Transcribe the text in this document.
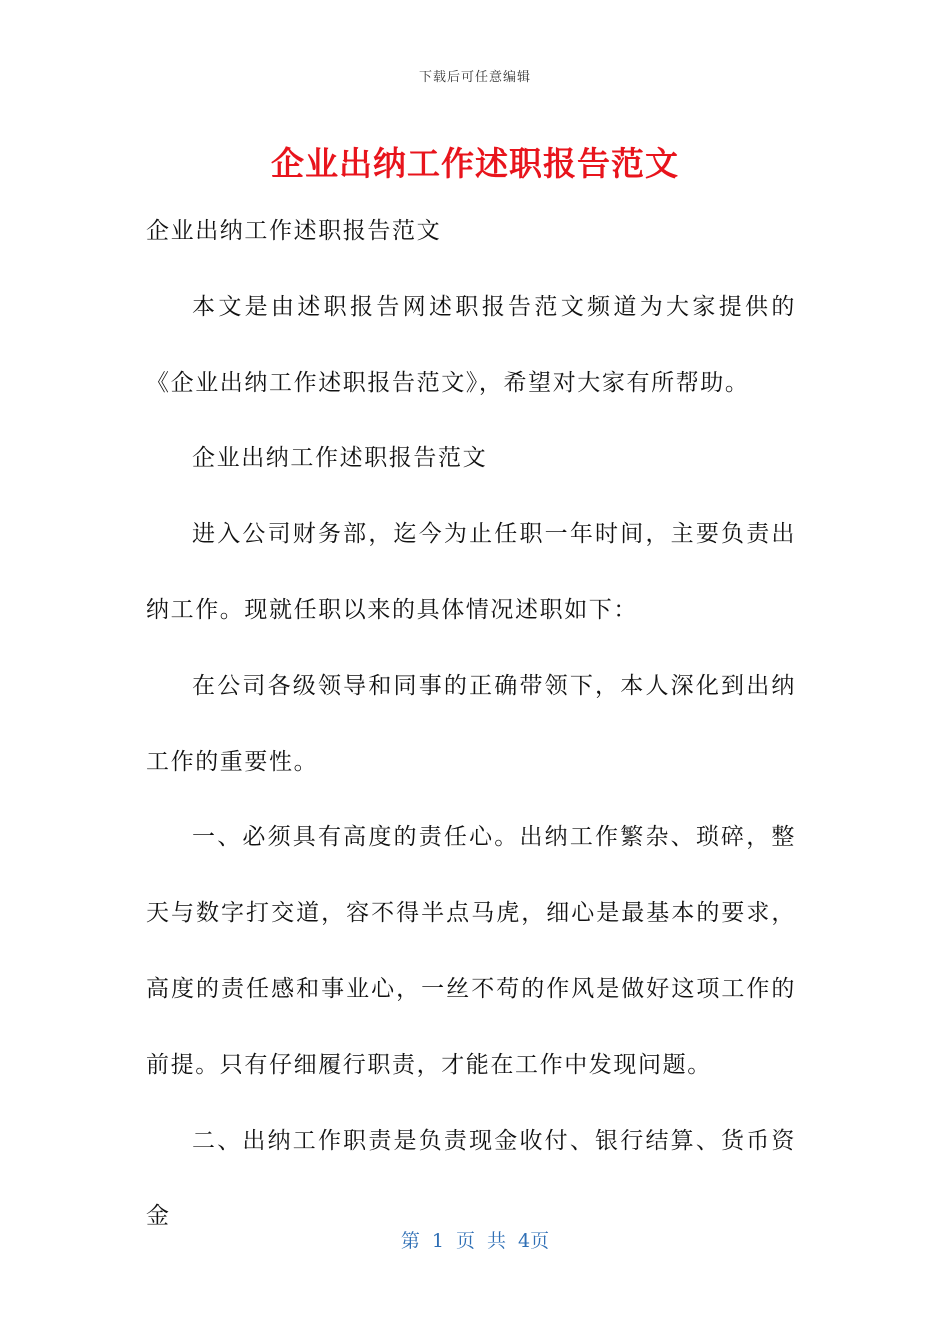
下载后可任意编辑
企业出纳工作述职报告范文

企业出纳工作述职报告范文

本文是由述职报告网述职报告范文频道为大家提供的《企业出纳工作述职报告范文》，希望对大家有所帮助。

企业出纳工作述职报告范文

进入公司财务部，迄今为止任职一年时间，主要负责出纳工作。现就任职以来的具体情况述职如下：

在公司各级领导和同事的正确带领下，本人深化到出纳工作的重要性。

一、必须具有高度的责任心。出纳工作繁杂、琐碎，整天与数字打交道，容不得半点马虎，细心是最基本的要求，高度的责任感和事业心，一丝不苟的作风是做好这项工作的前提。只有仔细履行职责，才能在工作中发现问题。

二、出纳工作职责是负责现金收付、银行结算、货币资金

第 1 页 共 4页
